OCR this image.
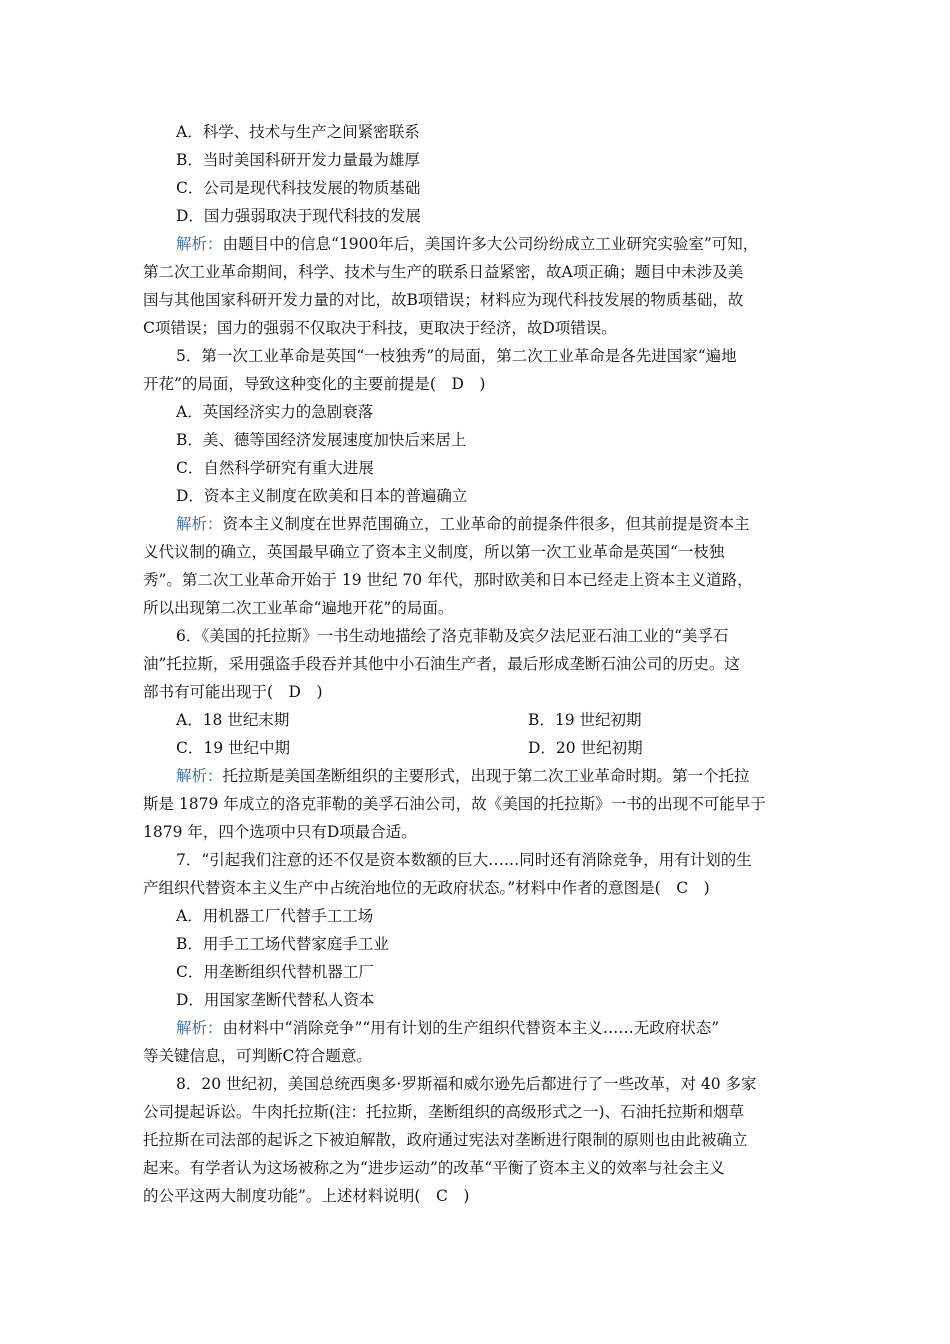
A．科学、技术与生产之间紧密联系
B．当时美国科研开发力量最为雄厚
C．公司是现代科技发展的物质基础
D．国力强弱取决于现代科技的发展
解析：由题目中的信息“1900年后，美国许多大公司纷纷成立工业研究实验室”可知，
第二次工业革命期间，科学、技术与生产的联系日益紧密，故A项正确；题目中未涉及美
国与其他国家科研开发力量的对比，故B项错误；材料应为现代科技发展的物质基础，故
C项错误；国力的强弱不仅取决于科技，更取决于经济，故D项错误。
5．第一次工业革命是英国“一枝独秀”的局面，第二次工业革命是各先进国家“遍地
开花”的局面，导致这种变化的主要前提是(　D　)
A．英国经济实力的急剧衰落
B．美、德等国经济发展速度加快后来居上
C．自然科学研究有重大进展
D．资本主义制度在欧美和日本的普遍确立
解析：资本主义制度在世界范围确立，工业革命的前提条件很多，但其前提是资本主
义代议制的确立，英国最早确立了资本主义制度，所以第一次工业革命是英国“一枝独
秀”。第二次工业革命开始于 19 世纪 70 年代，那时欧美和日本已经走上资本主义道路，
所以出现第二次工业革命“遍地开花”的局面。
6．《美国的托拉斯》一书生动地描绘了洛克菲勒及宾夕法尼亚石油工业的“美孚石
油”托拉斯，采用强盗手段吞并其他中小石油生产者，最后形成垄断石油公司的历史。这
部书有可能出现于(　D　)
A．18 世纪末期	B．19 世纪初期
C．19 世纪中期	D．20 世纪初期
解析：托拉斯是美国垄断组织的主要形式，出现于第二次工业革命时期。第一个托拉
斯是 1879 年成立的洛克菲勒的美孚石油公司，故《美国的托拉斯》一书的出现不可能早于
1879 年，四个选项中只有D项最合适。
7．“引起我们注意的还不仅是资本数额的巨大……同时还有消除竞争，用有计划的生
产组织代替资本主义生产中占统治地位的无政府状态。”材料中作者的意图是(　C　)
A．用机器工厂代替手工工场
B．用手工工场代替家庭手工业
C．用垄断组织代替机器工厂
D．用国家垄断代替私人资本
解析：由材料中“消除竞争”“用有计划的生产组织代替资本主义……无政府状态”
等关键信息，可判断C符合题意。
8．20 世纪初，美国总统西奥多·罗斯福和威尔逊先后都进行了一些改革，对 40 多家
公司提起诉讼。牛肉托拉斯(注：托拉斯，垄断组织的高级形式之一)、石油托拉斯和烟草
托拉斯在司法部的起诉之下被迫解散，政府通过宪法对垄断进行限制的原则也由此被确立
起来。有学者认为这场被称之为“进步运动”的改革“平衡了资本主义的效率与社会主义
的公平这两大制度功能”。上述材料说明(　C　)
